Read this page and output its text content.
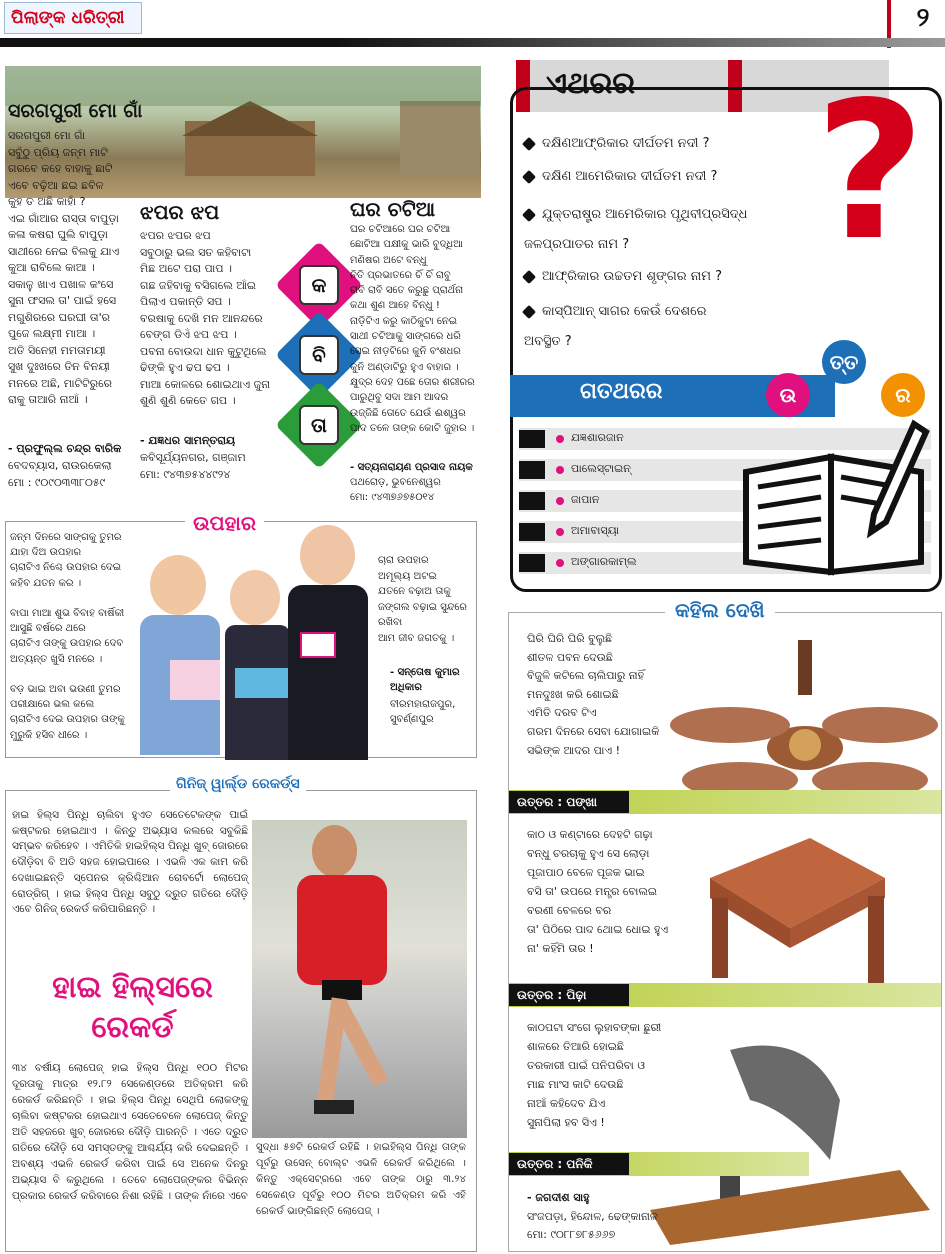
ପିଲାଙ୍କ ଧରିତ୍ରୀ	୨
ସରଗପୁରୀ ମୋ ଗାଁ
ସରଗପୁରୀ ମୋ ଗାଁ
ସବୁଁଠୁ ପ୍ରିୟ ଜନ୍ମ ମାଟି
ଗରବେ କହେ ବାହାକୁ ଛାଟି
ଏବେ ବଢ଼ିଆ ଛଇ ଛବିଳ
କୁହ ତ ଅଛି କାହାଁ ?
ଏଇ ଗାଁଆର ରାସ୍ତା ବାପୁଡ଼ା
କଳା କଷରା ଘୁଲି ବାପୁଡ଼ା
ସାଥୀରେ ନେଇ ବିଲକୁ ଯାଏ
କୁଆ ରାବିଲେ କାଆ ।
ସକାଳୁ ଖାଏ ପଖାଳ କଂସେ
ସୁନା ଫସଲ ତା' ପାଇଁ ହସେ
ମଗୁଶିରରେ ଘରଘୀ ତା'ର
ପୁଜେ ଲକ୍ଷ୍ମୀ ମାଆ ।
ଅତି ସିନେହୀ ମମତାମୟୀ
ସୁଖ ଦୁଃଖରେ ତିନ ବିନୟୀ
ମନରେ ଅଛି, ମାଟିଟିରୁରେ
ରାକୁ ତାଆରି ନାଆଁ ।
- ପ୍ରଫୁଲ୍ଲ ଚନ୍ଦ୍ର ବାରିକ
ବେଦବ୍ୟାସ, ରାଉରକେଲା
ମୋ : ୯୦୯୦୩୩୮୦୫୯
ଝପର ଝପ
ଝପର ଝପର ଝପ
ସବୁଠାରୁ ଭଲ ସତ କହିବାଟା
ମିଛ ଅଟେ ପରା ପାପ ।
ଗଛ ଜହିବାକୁ ବସିଗଲେ ଆଁଇ
ପିଲାଏ ପକାନ୍ତି ସପ ।
ବରଷାକୁ ଦେଖି ମନ ଆନନ୍ଦରେ
ବେଙ୍ଗ ଡିଏଁ ଝପ ଝପ ।
ପବନା ବୋଉଦା ଧାନ କୁଟୁଥିଲେ
ଢିଙ୍କି ହୁଏ ଢପ ଢପ ।
ମାଆ କୋଳରେ ଶୋଇଥାଏ ଜୁନା
ଶୁଣି ଶୁଣି କେତେ ଗପ ।
- ଯଜ୍ଞଧର ସାମନ୍ତରାୟ
କବିସୂର୍ଯ୍ୟନଗର, ଗଞ୍ଜାମ
ମୋ: ୯୪୩୭୫୪୪୯୨୪
କ
ବି
ତା
ଘର ଚଟିଆ
ଘର ଚଟିଆରେ ଘର ଚଟିଆ
ଛୋଟିଆ ପକ୍ଷୀକୁ ଭାରି ବୁଦ୍ଧିଆ
ମଣିଷର ଅଟେ ବନ୍ଧୁ
ନିତି ପ୍ରଭାତରେ ଚିଁ ଚିଁ ରାବୁ
ରାବି ରାବି ସତେ କରୁଛୁ ପ୍ରାର୍ଥନା
କଥା ଶୁଣ ଆହେ ବିନ୍ଧୁ !
ନାଡ଼ିଟିଏ କରୁ କାଠିକୁଟା ନେଇ
ସାଥୀ ଚଟିଆକୁ ସାଙ୍ଗରେ ଧରି
ସେଇ ନୀଡ଼ଟିରେ କୁନି ବଂଶଧର
କୁନି ଅଣ୍ଡାଟିରୁ ହୁଏ ବାହାର ।
କ୍ଷୁଦ୍ର ଦେହ ପଛେ ତୋର ଶରୀରର
ପାରୁଥିବୁ ସଦା ଆମ ଆଦର
ଉଜ୍ଜିଛି ତୋତେ ଯେଉଁ ଈଶ୍ୱର
ପାଦ ତଳେ ତାଙ୍କ କୋଟି ଜୁହାର ।
- ସତ୍ୟନାରାୟଣ ପ୍ରସାଦ ନାୟକ
ପଥରୋଡ଼, ଭୁବନେଶ୍ୱର
ମୋ: ୯୪୩୭୬୭୫୦୧୪
ଏଥରର ?
ଦକ୍ଷିଣଆଫ୍ରିକାର ଦୀର୍ଘତମ ନଦୀ ?
ଦକ୍ଷିଣ ଆମେରିକାର ଦୀର୍ଘତମ ନଦୀ ?
ଯୁକ୍ତରାଷ୍ଟ୍ର ଆମେରିକାର ପୃଥିବୀପ୍ରସିଦ୍ଧ
ଜଳପ୍ରପାତର ନାମ ?
ଆଫ୍ରିକାର ଉଚ୍ଚତମ ଶୃଙ୍ଗର ନାମ ?
କାସ୍ପିଆନ୍ ସାଗର କେଉଁ ଦେଶରେ
ଅବସ୍ଥିତ ?
ଗତଥରର	ଉ
ତ୍ତ
ର
ଯଜ୍ଞଶାରଜାନ
ପାଲେସ୍ଟାଇନ୍
ଜାପାନ
ଅମାବାସ୍ୟା
ଅଙ୍ଗାରକାମ୍ଲ
ଉପହାର
ଜନ୍ମ ଦିନରେ ସାଙ୍ଗକୁ ତୁମର
ଯାହା ଦିଅ ଉପହାର
ଚାରାଟିଏ ନିଶ୍ଚେ ଉପହାର ଦେଇ
କହିବ ଯତନ କର ।

ବାପା ମାଆ ଶୁଭ ବିବାହ ବାର୍ଷିକୀ
ଆସୁଛି ବର୍ଷରେ ଥରେ
ଚାରାଟିଏ ତାଙ୍କୁ ଉପହାର ଦେବ
ଅତ୍ୟନ୍ତ ଖୁସି ମନରେ ।

ବଡ଼ ଭାଇ ଅବା ଭଉଣୀ ତୁମର
ପରୀକ୍ଷାରେ ଭଲ କଲେ
ଚାରାଟିଏ ଦେଇ ଉପହାର ତାଙ୍କୁ
ମୁରୁକି ହସିବ ଧୀରେ ।
ଚାରା ଉପହାର
ଅମୂଲ୍ୟ ଅଟଇ
ଯତନେ ବଢ଼ାଅ ତାକୁ
ଜଙ୍ଗଲ ବଢ଼ାଇ ସୁନ୍ଦରେ
ରଖିବା
ଆମ ଜୀବ ଜଗତକୁ ।
- ସନ୍ତୋଷ କୁମାର
ଅଧିକାର
ବୀରମହାରାଜପୁର,
ସୁବର୍ଣ୍ଣପୁର
ଗିନିଜ୍ ୱାର୍ଲ୍ଡ ରେକର୍ଡ୍ସ
ହାଇ ହିଲ୍ସ ପିନ୍ଧି ଚାଲିବା ହୁଏତ ସେତେଟେକଙ୍କ ପାଇଁ କଷ୍ଟକର ହୋଇଥାଏ । କିନ୍ତୁ ଅଭ୍ୟାସ କଲରେ ସବୁକିଛି ସମ୍ଭବ କରିହେବ । ଏମିତିକି ହାଇହିଲ୍ସ ପିନ୍ଧି ଖୁବ୍ ଜୋରରେ ଦୌଡ଼ିବା ବି ଅତି ସହଜ ହୋଇପାରେ । ଏଭଳି ଏକ କାମ କରି ଦେଖାଇଛନ୍ତି ସ୍ପେନର କ୍ରିଶ୍ଚିଆନ ରୋବର୍ଟୋ ଲୋପେଜ୍ ରୋଡ୍ରିଗ୍ । ହାଇ ହିଲ୍ସ ପିନ୍ଧି ସବୁଠୁ ଦ୍ରୁତ ଗତିରେ ଦୌଡ଼ି ଏବେ ଗିନିଜ୍ ରେକର୍ଡ କରିପାରିଛନ୍ତି ।
ହାଇ ହିଲ୍ସରେ
ରେକର୍ଡ
୩୪ ବର୍ଷୀୟ ଲୋପେଜ୍ ହାଇ ହିଲ୍ସ ପିନ୍ଧି ୧୦୦ ମିଟର ଦୂରତାକୁ ମାତ୍ର ୧୨.୮୨ ସେକେଣ୍ଡରେ ଅତିକ୍ରମ କରି ରେକର୍ଡ କରିଛନ୍ତି । ହାଇ ହିଲ୍ସ ପିନ୍ଧି ସେଥିପି ଲୋକଙ୍କୁ ଚାଲିବା କଷ୍ଟକର ହୋଇଥାଏ ସେତେବେଳେ ଲୋପେଜ୍ କିନ୍ତୁ ଅତି ସହଜରେ ଖୁବ୍ ଜୋରରେ ଦୌଡ଼ି ପାରନ୍ତି । ଏତେ ଦ୍ରୁତ ଗତିରେ ଦୌଡ଼ି ସେ ସମସ୍ତଙ୍କୁ ଆଶ୍ଚର୍ଯ୍ୟ କରି ଦେଇଛନ୍ତି । ଅବଶ୍ୟ ଏଭଳି ରେକର୍ଡ କରିବା ପାଇଁ ସେ ଅନେକ ଦିନରୁ ଅଭ୍ୟାସ ବି କରୁଥିଲେ । ତେବେ ଲୋପେଜ୍‌ଙ୍କର ବିଭିନ୍ନ ପ୍ରକାର ରେକର୍ଡ କରିବାରେ ନିଶା ରହିଛି । ତାଙ୍କ ନାଁରେ ଏବେ
ସୁଦ୍ଧା ୫୭ଟି ରେକର୍ଡ ରହିଛି । ହାଇହିଲ୍ସ ପିନ୍ଧି ତାଙ୍କ ପୂର୍ବରୁ ଉସେନ୍ ବୋଲ୍ଟ ଏଭଳି ରେକର୍ଡ କରିଥିଲେ । କିନ୍ତୁ ଏକ୍ସେଟ୍ରରେ ଏବେ ତାଙ୍କ ଠାରୁ ୩.୨୪ ସେକେଣ୍ଡ ପୂର୍ବରୁ ୧୦୦ ମିଟର ଅତିକ୍ରମ କରି ଏହି ରେକର୍ଡ ଭାଙ୍ଗିଛନ୍ତି ଲୋପେଜ୍ ।
କହିଲ ଦେଖି
ଘିରି ଘିରି ଘିରି ବୁଲୁଛି
ଶୀତଳ ପବନ ଦେଉଛି
ବିଜୁଳି କଟିଲେ ଚାଲିପାରୁ ନାହିଁ
ମନଦୁଃଖ କରି ଶୋଇଛି
ଏମିତି ଦରବ ଟିଏ
ଗରମ ଦିନରେ ସେବା ଯୋଗାଇକି
ସଭିଙ୍କ ଆଦର ପାଏ !
ଉତ୍ତର : ପଙ୍ଖା
କାଠ ଓ କଣ୍ଟାରେ ଦେହଟି ଗଢ଼ା
ବନ୍ଧୁ ଚରଚାକୁ ହୁଏ ସେ ଲୋଡ଼ା
ପୂଜାପାଠ ବେଳେ ପୂଜକ ଭାଇ
ବସି ତା' ଉପରେ ମନ୍ତ୍ର ବୋଲଇ
ବରଣୀ ବେଳରେ ବର
ତା' ପିଠିରେ ପାଦ ଥୋଇ ଧୋଇ ହୁଏ
ନା' କହିଁମି ତାର !
ଉତ୍ତର : ପିଢ଼ା
କାଠପଟା ସଂଗେ ଲୁହାବଙ୍କା ଛୁରୀ
ଶାଳରେ ତିଆରି ହୋଇଛି
ତରକାରୀ ପାଇଁ ପନିପରିବା ଓ
ମାଛ ମାଂସ କାଟି ଦେଉଛି
ନାଆଁ କହିଦେବ ଯିଏ
ସୁନାପିଲା ହବ ସିଏ !
ଉତ୍ତର : ପନିକି
- ଜଗଦୀଶ ସାହୁ
ସଂଜପଡ଼ା, ହିନ୍ଦୋଳ, ଢେଙ୍କାନାଳ
ମୋ: ୯୦୮୮୭୮୫୬୬୭
